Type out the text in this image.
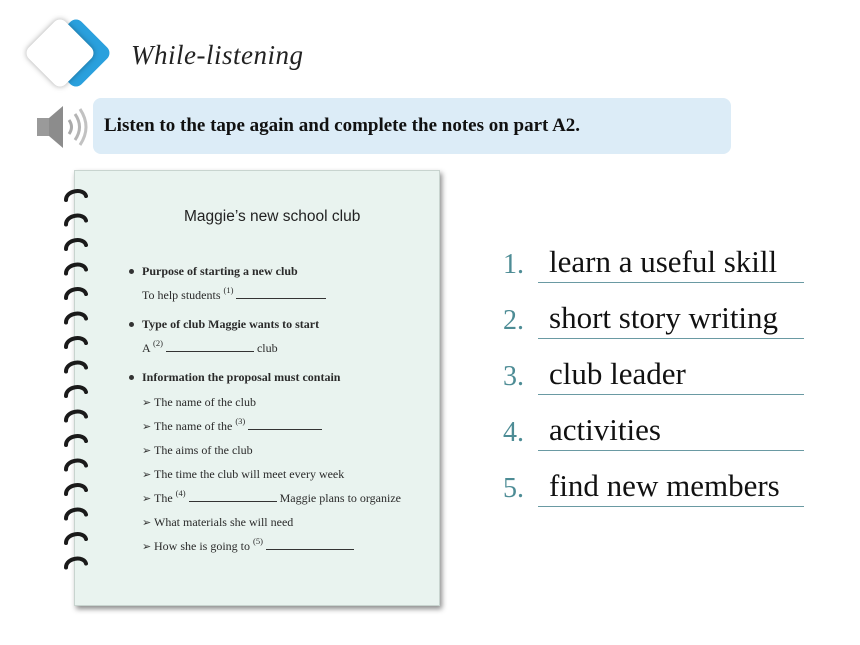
While-listening
Listen to the tape again and complete the notes on part A2.
Maggie’s new school club
Purpose of starting a new club
To help students $^{(1)}$
Type of club Maggie wants to start
A $^{(2)}$	club
Information the proposal must contain
➢ The name of the club
➢ The name of the $^{(3)}$
➢ The aims of the club
➢ The time the club will meet every week
➢ The $^{(4)}$	Maggie plans to organize
➢ What materials she will need
➢ How she is going to $^{(5)}$
1. learn a useful skill
2. short story writing
3. club leader
4. activities
5. find new members
